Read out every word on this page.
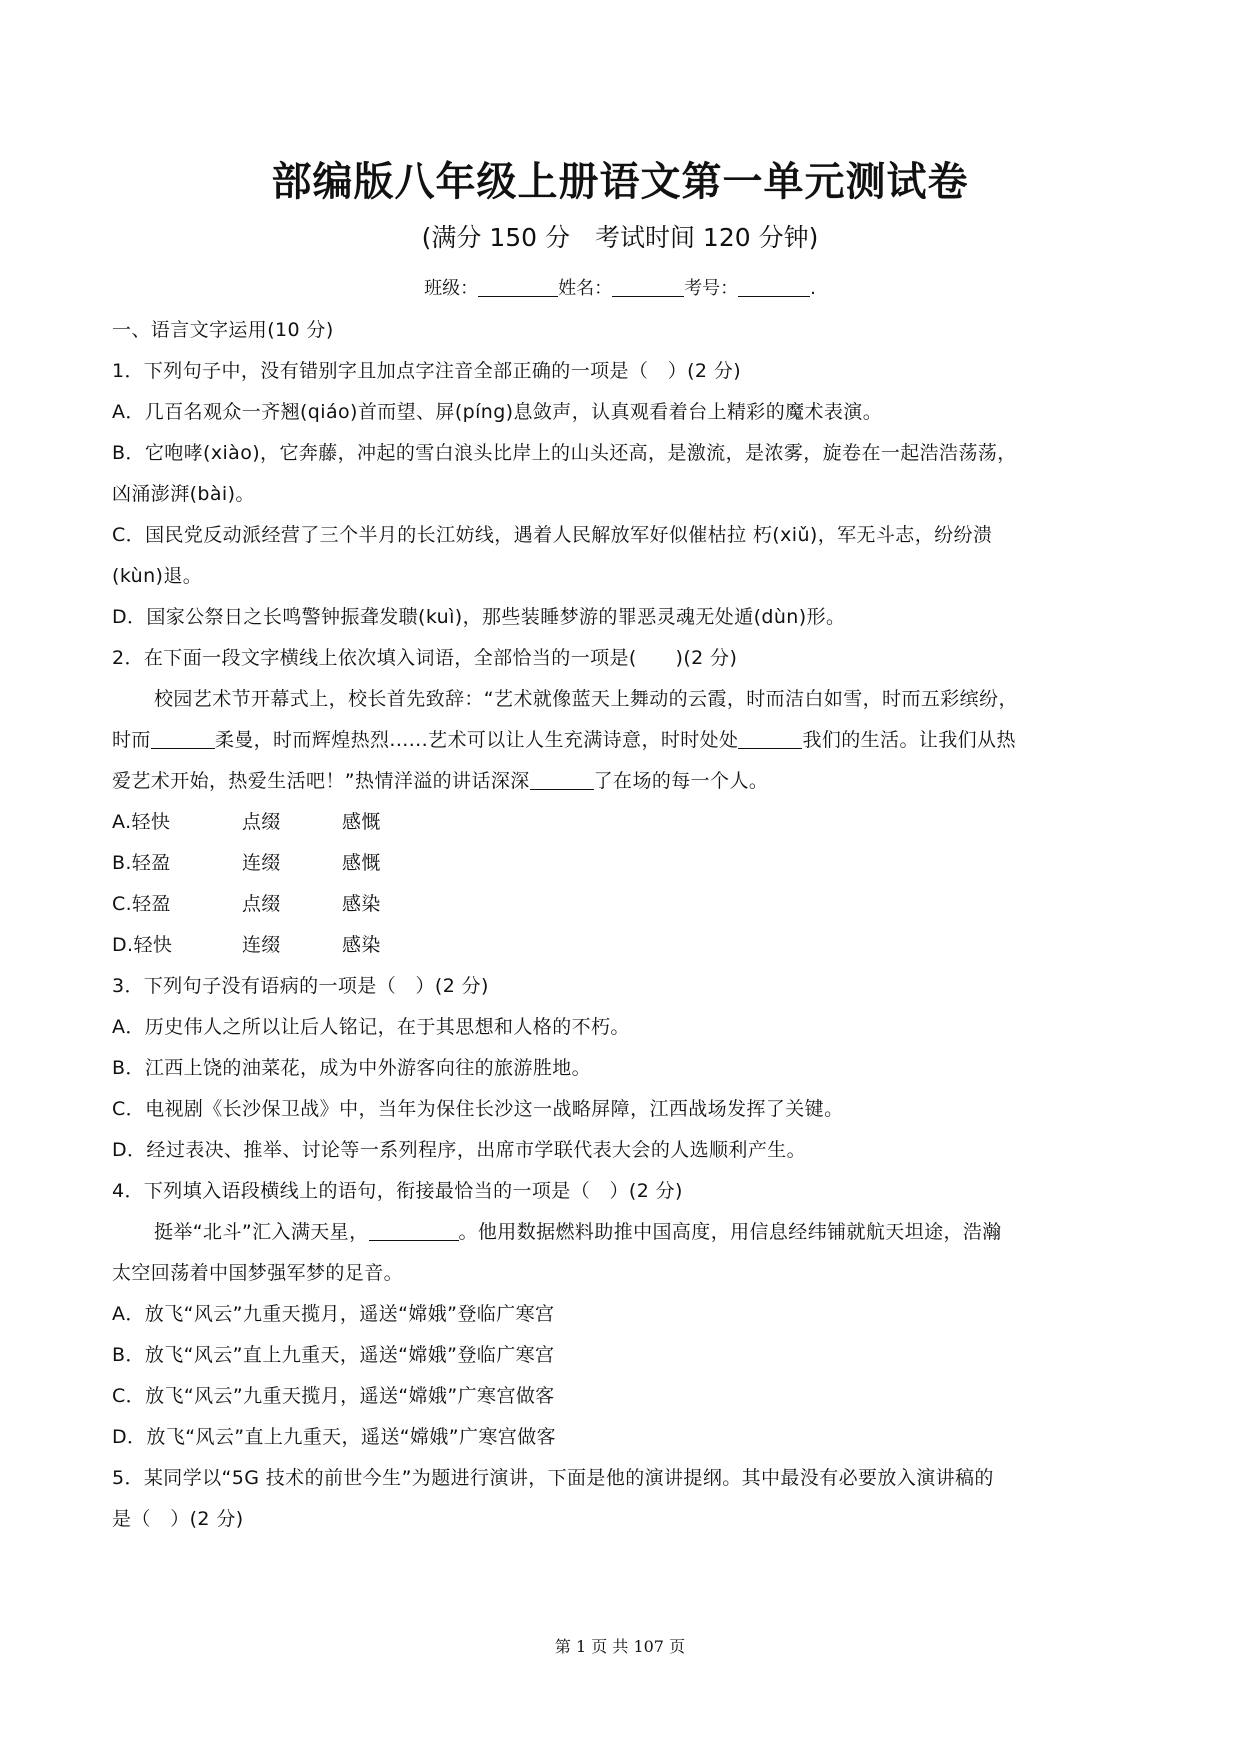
部编版八年级上册语文第一单元测试卷
(满分 150 分　考试时间 120 分钟)
班级：	姓名：	考号：	.
一、语言文字运用(10 分)
1．下列句子中，没有错别字且加点字注音全部正确的一项是（　）(2 分)
A．几百名观众一齐翘(qiáo)首而望、屏(píng)息敛声，认真观看着台上精彩的魔术表演。
B．它咆哮(xiào)，它奔藤，冲起的雪白浪头比岸上的山头还高，是激流，是浓雾，旋卷在一起浩浩荡荡，
凶涌澎湃(bài)。
C．国民党反动派经营了三个半月的长江妨线，遇着人民解放军好似催枯拉 朽(xiǔ)，军无斗志，纷纷溃
(kùn)退。
D．国家公祭日之长鸣警钟振聋发聩(kuì)，那些装睡梦游的罪恶灵魂无处遁(dùn)形。
2．在下面一段文字横线上依次填入词语，全部恰当的一项是(　　)(2 分)
校园艺术节开幕式上，校长首先致辞：“艺术就像蓝天上舞动的云霞，时而洁白如雪，时而五彩缤纷，
时而	柔曼，时而辉煌热烈......艺术可以让人生充满诗意，时时处处	我们的生活。让我们从热
爱艺术开始，热爱生活吧！”热情洋溢的讲话深深	了在场的每一个人。
A.轻快	点缀	感慨
B.轻盈	连缀	感慨
C.轻盈	点缀	感染
D.轻快	连缀	感染
3．下列句子没有语病的一项是（　）(2 分)
A．历史伟人之所以让后人铭记，在于其思想和人格的不朽。
B．江西上饶的油菜花，成为中外游客向往的旅游胜地。
C．电视剧《长沙保卫战》中，当年为保住长沙这一战略屏障，江西战场发挥了关键。
D．经过表决、推举、讨论等一系列程序，出席市学联代表大会的人选顺利产生。
4．下列填入语段横线上的语句，衔接最恰当的一项是（　）(2 分)
挺举“北斗”汇入满天星，	。他用数据燃料助推中国高度，用信息经纬铺就航天坦途，浩瀚
太空回荡着中国梦强军梦的足音。
A．放飞“风云”九重天揽月，遥送“嫦娥”登临广寒宫
B．放飞“风云”直上九重天，遥送“嫦娥”登临广寒宫
C．放飞“风云”九重天揽月，遥送“嫦娥”广寒宫做客
D．放飞“风云”直上九重天，遥送“嫦娥”广寒宫做客
5．某同学以“5G 技术的前世今生”为题进行演讲，下面是他的演讲提纲。其中最没有必要放入演讲稿的
是（　）(2 分)
第 1 页 共 107 页
